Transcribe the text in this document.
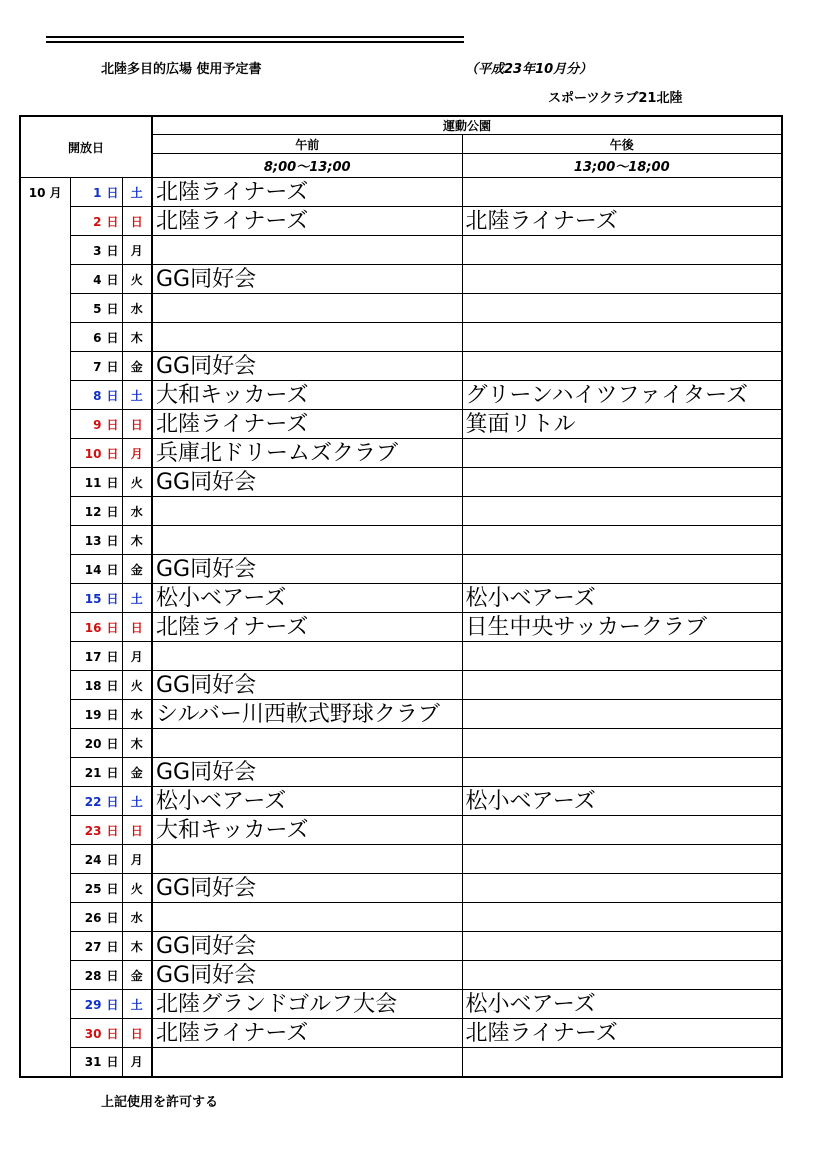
北陸多目的広場 使用予定書	（平成23年10月分）
スポーツクラブ21北陸
開放日			運動公園	
			午前	午後
			8;00～13;00	13;00～18;00
10 月	1 日	土	北陸ライナーズ	
	2 日	日	北陸ライナーズ	北陸ライナーズ
	3 日	月		
	4 日	火	GG同好会	
	5 日	水		
	6 日	木		
	7 日	金	GG同好会	
	8 日	土	大和キッカーズ	グリーンハイツファイターズ
	9 日	日	北陸ライナーズ	箕面リトル
	10 日	月	兵庫北ドリームズクラブ	
	11 日	火	GG同好会	
	12 日	水		
	13 日	木		
	14 日	金	GG同好会	
	15 日	土	松小ベアーズ	松小ベアーズ
	16 日	日	北陸ライナーズ	日生中央サッカークラブ
	17 日	月		
	18 日	火	GG同好会	
	19 日	水	シルバー川西軟式野球クラブ	
	20 日	木		
	21 日	金	GG同好会	
	22 日	土	松小ベアーズ	松小ベアーズ
	23 日	日	大和キッカーズ	
	24 日	月		
	25 日	火	GG同好会	
	26 日	水		
	27 日	木	GG同好会	
	28 日	金	GG同好会	
	29 日	土	北陸グランドゴルフ大会	松小ベアーズ
	30 日	日	北陸ライナーズ	北陸ライナーズ
	31 日	月		
上記使用を許可する
